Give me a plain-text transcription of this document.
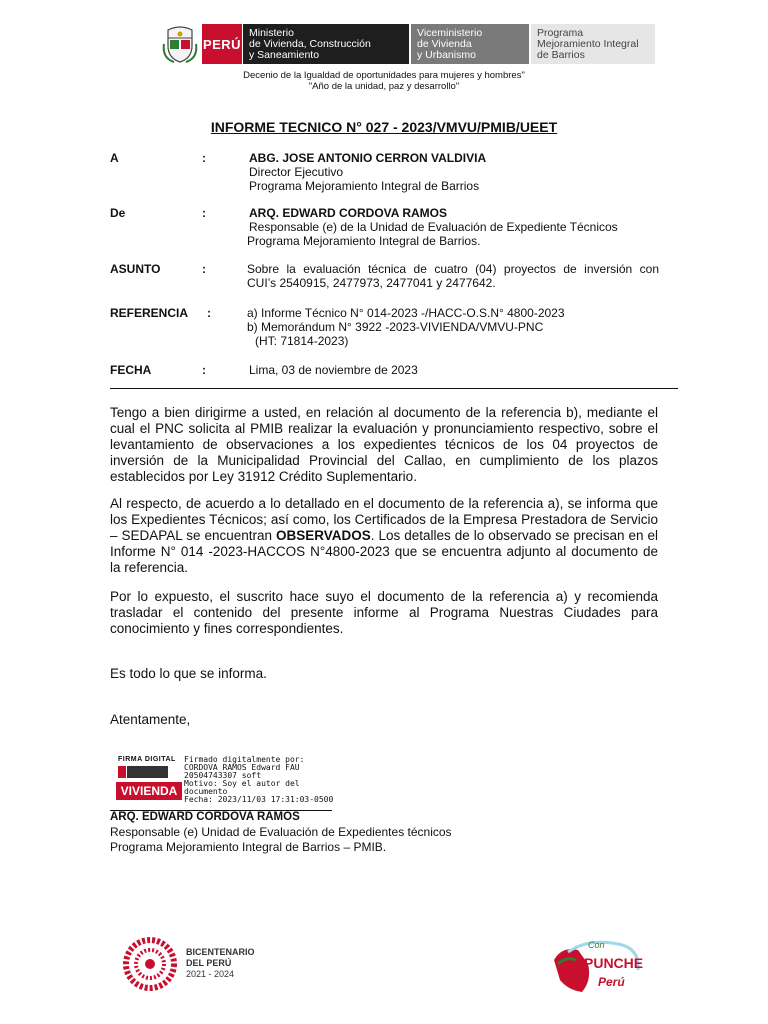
PERÚ
Ministerio
de Vivienda, Construcción
y Saneamiento
Viceministerio
de Vivienda
y Urbanismo
Programa
Mejoramiento Integral
de Barrios
Decenio de la Igualdad de oportunidades para mujeres y hombres"
"Año de la unidad, paz y desarrollo"
INFORME TECNICO N° 027 - 2023/VMVU/PMIB/UEET
A	:	ABG. JOSE ANTONIO CERRON VALDIVIA
Director Ejecutivo
Programa Mejoramiento Integral de Barrios
De	:	ARQ. EDWARD CORDOVA RAMOS
Responsable (e) de la Unidad de Evaluación de Expediente Técnicos
Programa Mejoramiento Integral de Barrios.
ASUNTO	:	Sobre la evaluación técnica de cuatro (04) proyectos de inversión con
CUI’s 2540915, 2477973, 2477041 y 2477642.
REFERENCIA :	a) Informe Técnico N° 014-2023 -/HACC-O.S.N° 4800-2023
b) Memorándum N° 3922 -2023-VIVIENDA/VMVU-PNC
(HT: 71814-2023)
FECHA	:	Lima, 03 de noviembre de 2023
Tengo a bien dirigirme a usted, en relación al documento de la referencia b), mediante el cual el PNC solicita al PMIB realizar la evaluación y pronunciamiento respectivo, sobre el levantamiento de observaciones a los expedientes técnicos de los 04 proyectos de inversión de la Municipalidad Provincial del Callao, en cumplimiento de los plazos establecidos por Ley 31912 Crédito Suplementario.
Al respecto, de acuerdo a lo detallado en el documento de la referencia a), se informa que los Expedientes Técnicos; así como, los Certificados de la Empresa Prestadora de Servicio – SEDAPAL se encuentran OBSERVADOS. Los detalles de lo observado se precisan en el Informe N° 014 -2023-HACCOS N°4800-2023 que se encuentra adjunto al documento de la referencia.
Por lo expuesto, el suscrito hace suyo el documento de la referencia a) y recomienda trasladar el contenido del presente informe al Programa Nuestras Ciudades para conocimiento y fines correspondientes.
Es todo lo que se informa.
Atentamente,
FIRMA DIGITAL
VIVIENDA
Firmado digitalmente por:
CORDOVA RAMOS Edward FAU
20504743307 soft
Motivo: Soy el autor del
documento
Fecha: 2023/11/03 17:31:03-0500
ARQ. EDWARD CORDOVA RAMOS
Responsable (e) Unidad de Evaluación de Expedientes técnicos
Programa Mejoramiento Integral de Barrios – PMIB.
BICENTENARIO
DEL PERÚ
2021 - 2024
Con
PUNCHE
Perú
